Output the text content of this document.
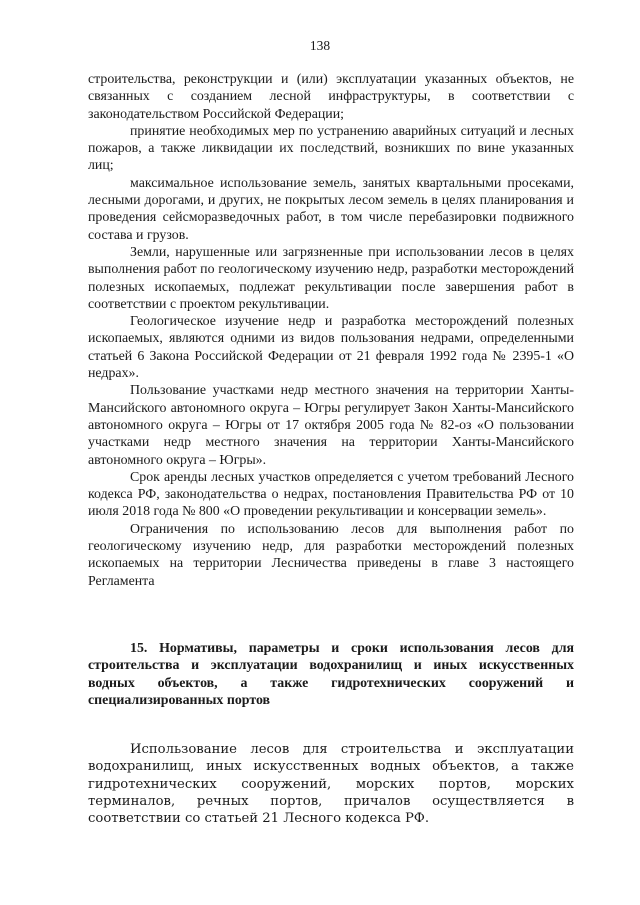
138

строительства, реконструкции и (или) эксплуатации указанных объектов, не связанных с созданием лесной инфраструктуры, в соответствии с законодательством Российской Федерации;

принятие необходимых мер по устранению аварийных ситуаций и лесных пожаров, а также ликвидации их последствий, возникших по вине указанных лиц;

максимальное использование земель, занятых квартальными просеками, лесными дорогами, и других, не покрытых лесом земель в целях планирования и проведения сейсморазведочных работ, в том числе перебазировки подвижного состава и грузов.

Земли, нарушенные или загрязненные при использовании лесов в целях выполнения работ по геологическому изучению недр, разработки месторождений полезных ископаемых, подлежат рекультивации после завершения работ в соответствии с проектом рекультивации.

Геологическое изучение недр и разработка месторождений полезных ископаемых, являются одними из видов пользования недрами, определенными статьей 6 Закона Российской Федерации от 21 февраля 1992 года № 2395-1 «О недрах».

Пользование участками недр местного значения на территории Ханты-Мансийского автономного округа – Югры регулирует Закон Ханты-Мансийского автономного округа – Югры от 17 октября 2005 года № 82-оз «О пользовании участками недр местного значения на территории Ханты-Мансийского автономного округа – Югры».

Срок аренды лесных участков определяется с учетом требований Лесного кодекса РФ, законодательства о недрах, постановления Правительства РФ от 10 июля 2018 года № 800 «О проведении рекультивации и консервации земель».

Ограничения по использованию лесов для выполнения работ по геологическому изучению недр, для разработки месторождений полезных ископаемых на территории Лесничества приведены в главе 3 настоящего Регламента

15. Нормативы, параметры и сроки использования лесов для строительства и эксплуатации водохранилищ и иных искусственных водных объектов, а также гидротехнических сооружений и специализированных портов

Использование лесов для строительства и эксплуатации водохранилищ, иных искусственных водных объектов, а также гидротехнических сооружений, морских портов, морских терминалов, речных портов, причалов осуществляется в соответствии со статьей 21 Лесного кодекса РФ.
